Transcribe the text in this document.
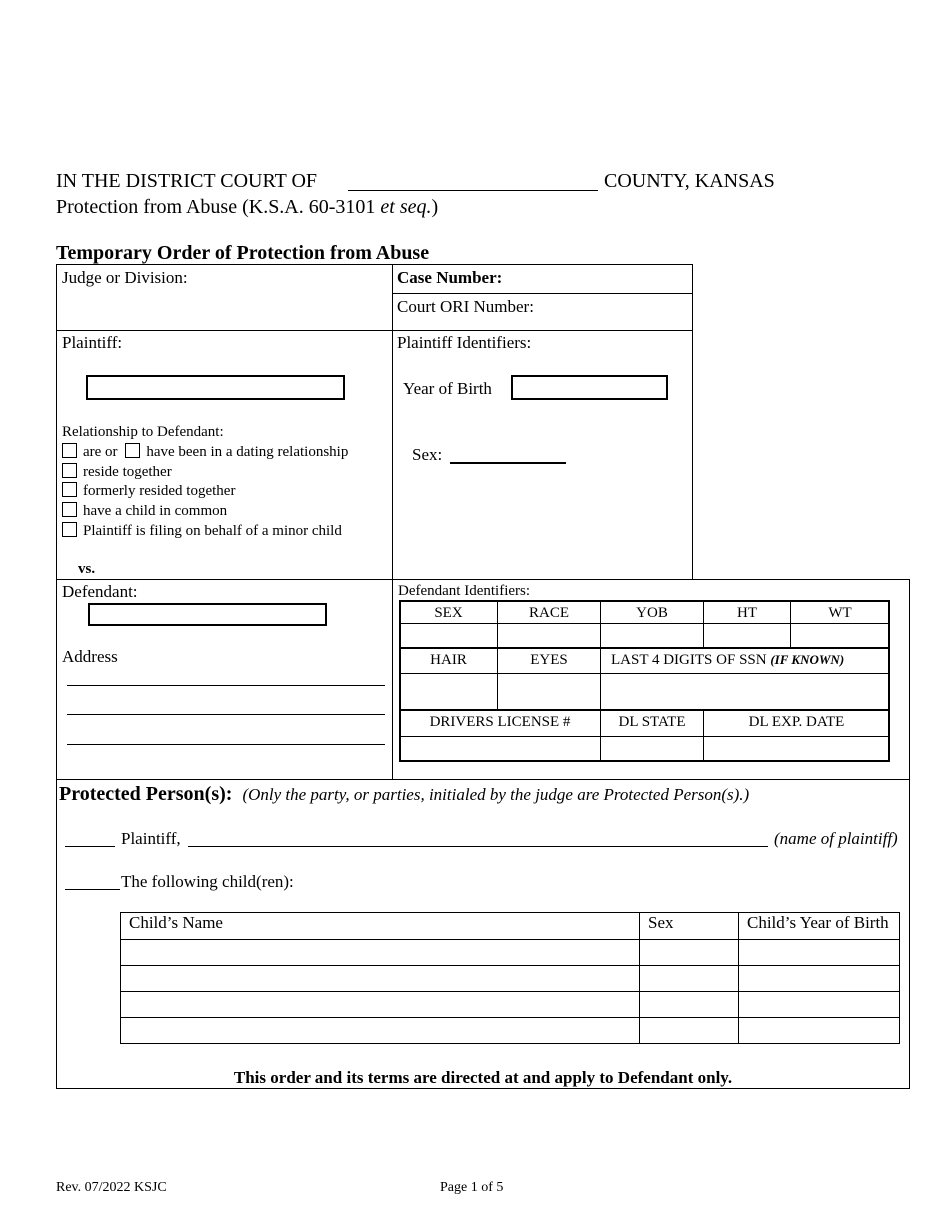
IN THE DISTRICT COURT OF	COUNTY, KANSAS
Protection from Abuse (K.S.A. 60-3101 et seq.)
Temporary Order of Protection from Abuse
Judge or Division:	Case Number:
Court ORI Number:
Plaintiff:
Relationship to Defendant:
are or have been in a dating relationship
reside together
formerly resided together
have a child in common
Plaintiff is filing on behalf of a minor child
vs.
Plaintiff Identifiers:
Year of Birth
Sex:
Defendant:
Address
Defendant Identifiers:
SEX	RACE	YOB	HT	WT
HAIR	EYES	LAST 4 DIGITS OF SSN (IF KNOWN)
DRIVERS LICENSE #	DL STATE	DL EXP. DATE
Protected Person(s): (Only the party, or parties, initialed by the judge are Protected Person(s).)
Plaintiff,	(name of plaintiff)
The following child(ren):
Child’s Name	Sex	Child’s Year of Birth

This order and its terms are directed at and apply to Defendant only.
Rev. 07/2022 KSJC	Page 1 of 5
